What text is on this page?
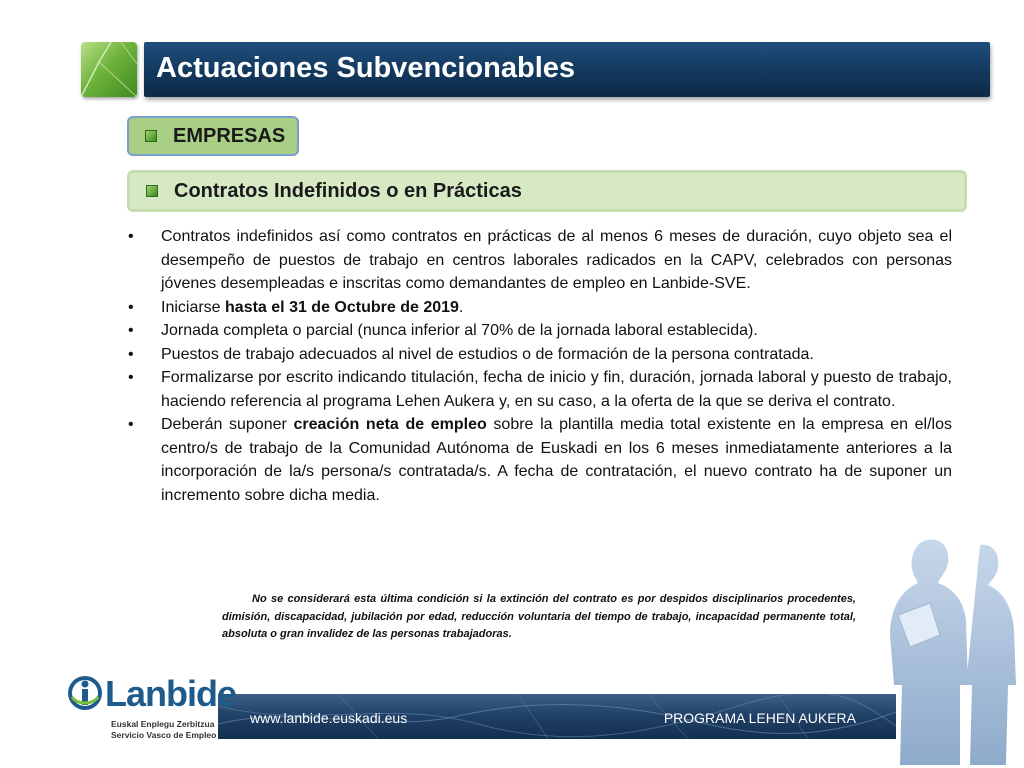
Actuaciones Subvencionables
EMPRESAS
Contratos Indefinidos o en Prácticas
• Contratos indefinidos así como contratos en prácticas de al menos 6 meses de duración, cuyo objeto sea el desempeño de puestos de trabajo en centros laborales radicados en la CAPV, celebrados con personas jóvenes desempleadas e inscritas como demandantes de empleo en Lanbide-SVE.
• Iniciarse hasta el 31 de Octubre de 2019.
• Jornada completa o parcial (nunca inferior al 70% de la jornada laboral establecida).
• Puestos de trabajo adecuados al nivel de estudios o de formación de la persona contratada.
• Formalizarse por escrito indicando titulación, fecha de inicio y fin, duración, jornada laboral y puesto de trabajo, haciendo referencia al programa Lehen Aukera y, en su caso, a la oferta de la que se deriva el contrato.
• Deberán suponer creación neta de empleo sobre la plantilla media total existente en la empresa en el/los centro/s de trabajo de la Comunidad Autónoma de Euskadi en los 6 meses inmediatamente anteriores a la incorporación de la/s persona/s contratada/s. A fecha de contratación, el nuevo contrato ha de suponer un incremento sobre dicha media.
No se considerará esta última condición si la extinción del contrato es por despidos disciplinarios procedentes, dimisión, discapacidad, jubilación por edad, reducción voluntaria del tiempo de trabajo, incapacidad permanente total, absoluta o gran invalidez de las personas trabajadoras.
www.lanbide.euskadi.eus	PROGRAMA LEHEN AUKERA
Lanbide
Euskal Enplegu Zerbitzua
Servicio Vasco de Empleo
